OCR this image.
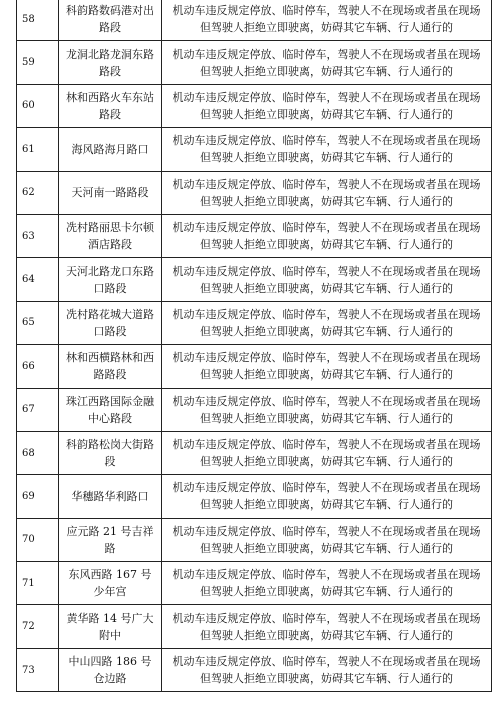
58	科韵路数码港对出路段	机动车违反规定停放、临时停车，驾驶人不在现场或者虽在现场但驾驶人拒绝立即驶离，妨碍其它车辆、行人通行的
59	龙洞北路龙洞东路路段	机动车违反规定停放、临时停车，驾驶人不在现场或者虽在现场但驾驶人拒绝立即驶离，妨碍其它车辆、行人通行的
60	林和西路火车东站路段	机动车违反规定停放、临时停车，驾驶人不在现场或者虽在现场但驾驶人拒绝立即驶离，妨碍其它车辆、行人通行的
61	海风路海月路口	机动车违反规定停放、临时停车，驾驶人不在现场或者虽在现场但驾驶人拒绝立即驶离，妨碍其它车辆、行人通行的
62	天河南一路路段	机动车违反规定停放、临时停车，驾驶人不在现场或者虽在现场但驾驶人拒绝立即驶离，妨碍其它车辆、行人通行的
63	冼村路丽思卡尔顿酒店路段	机动车违反规定停放、临时停车，驾驶人不在现场或者虽在现场但驾驶人拒绝立即驶离，妨碍其它车辆、行人通行的
64	天河北路龙口东路口路段	机动车违反规定停放、临时停车，驾驶人不在现场或者虽在现场但驾驶人拒绝立即驶离，妨碍其它车辆、行人通行的
65	冼村路花城大道路口路段	机动车违反规定停放、临时停车，驾驶人不在现场或者虽在现场但驾驶人拒绝立即驶离，妨碍其它车辆、行人通行的
66	林和西横路林和西路路段	机动车违反规定停放、临时停车，驾驶人不在现场或者虽在现场但驾驶人拒绝立即驶离，妨碍其它车辆、行人通行的
67	珠江西路国际金融中心路段	机动车违反规定停放、临时停车，驾驶人不在现场或者虽在现场但驾驶人拒绝立即驶离，妨碍其它车辆、行人通行的
68	科韵路松岗大街路段	机动车违反规定停放、临时停车，驾驶人不在现场或者虽在现场但驾驶人拒绝立即驶离，妨碍其它车辆、行人通行的
69	华穗路华利路口	机动车违反规定停放、临时停车，驾驶人不在现场或者虽在现场但驾驶人拒绝立即驶离，妨碍其它车辆、行人通行的
70	应元路 21 号吉祥路	机动车违反规定停放、临时停车，驾驶人不在现场或者虽在现场但驾驶人拒绝立即驶离，妨碍其它车辆、行人通行的
71	东风西路 167 号少年宫	机动车违反规定停放、临时停车，驾驶人不在现场或者虽在现场但驾驶人拒绝立即驶离，妨碍其它车辆、行人通行的
72	黄华路 14 号广大附中	机动车违反规定停放、临时停车，驾驶人不在现场或者虽在现场但驾驶人拒绝立即驶离，妨碍其它车辆、行人通行的
73	中山四路 186 号仓边路	机动车违反规定停放、临时停车，驾驶人不在现场或者虽在现场但驾驶人拒绝立即驶离，妨碍其它车辆、行人通行的
